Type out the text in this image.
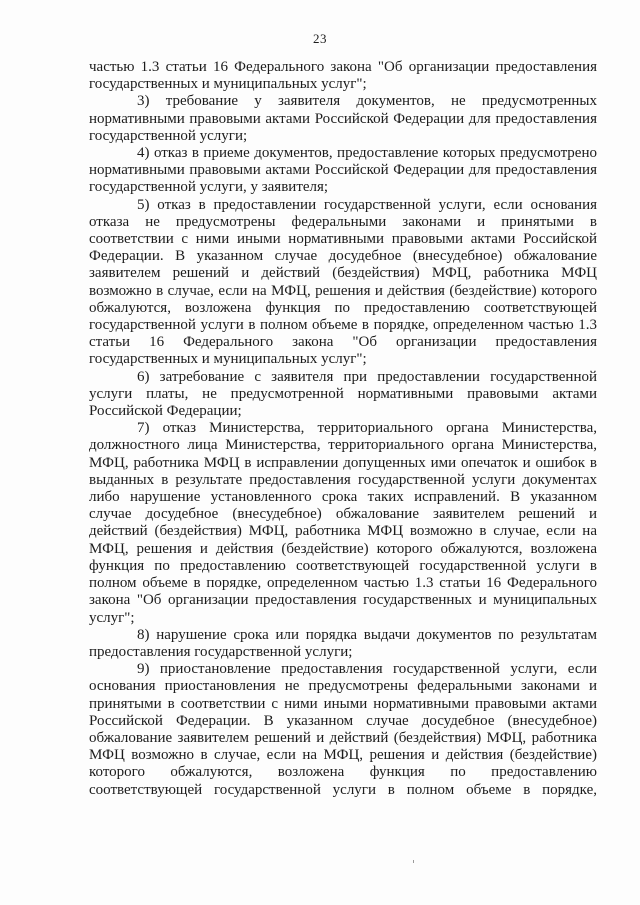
23

частью 1.3 статьи 16 Федерального закона "Об организации предоставления государственных и муниципальных услуг";

3) требование у заявителя документов, не предусмотренных нормативными правовыми актами Российской Федерации для предоставления государственной услуги;

4) отказ в приеме документов, предоставление которых предусмотрено нормативными правовыми актами Российской Федерации для предоставления государственной услуги, у заявителя;

5) отказ в предоставлении государственной услуги, если основания отказа не предусмотрены федеральными законами и принятыми в соответствии с ними иными нормативными правовыми актами Российской Федерации. В указанном случае досудебное (внесудебное) обжалование заявителем решений и действий (бездействия) МФЦ, работника МФЦ возможно в случае, если на МФЦ, решения и действия (бездействие) которого обжалуются, возложена функция по предоставлению соответствующей государственной услуги в полном объеме в порядке, определенном частью 1.3 статьи 16 Федерального закона "Об организации предоставления государственных и муниципальных услуг";

6) затребование с заявителя при предоставлении государственной услуги платы, не предусмотренной нормативными правовыми актами Российской Федерации;

7) отказ Министерства, территориального органа Министерства, должностного лица Министерства, территориального органа Министерства, МФЦ, работника МФЦ в исправлении допущенных ими опечаток и ошибок в выданных в результате предоставления государственной услуги документах либо нарушение установленного срока таких исправлений. В указанном случае досудебное (внесудебное) обжалование заявителем решений и действий (бездействия) МФЦ, работника МФЦ возможно в случае, если на МФЦ, решения и действия (бездействие) которого обжалуются, возложена функция по предоставлению соответствующей государственной услуги в полном объеме в порядке, определенном частью 1.3 статьи 16 Федерального закона "Об организации предоставления государственных и муниципальных услуг";

8) нарушение срока или порядка выдачи документов по результатам предоставления государственной услуги;

9) приостановление предоставления государственной услуги, если основания приостановления не предусмотрены федеральными законами и принятыми в соответствии с ними иными нормативными правовыми актами Российской Федерации. В указанном случае досудебное (внесудебное) обжалование заявителем решений и действий (бездействия) МФЦ, работника МФЦ возможно в случае, если на МФЦ, решения и действия (бездействие) которого обжалуются, возложена функция по предоставлению соответствующей государственной услуги в полном объеме в порядке,
